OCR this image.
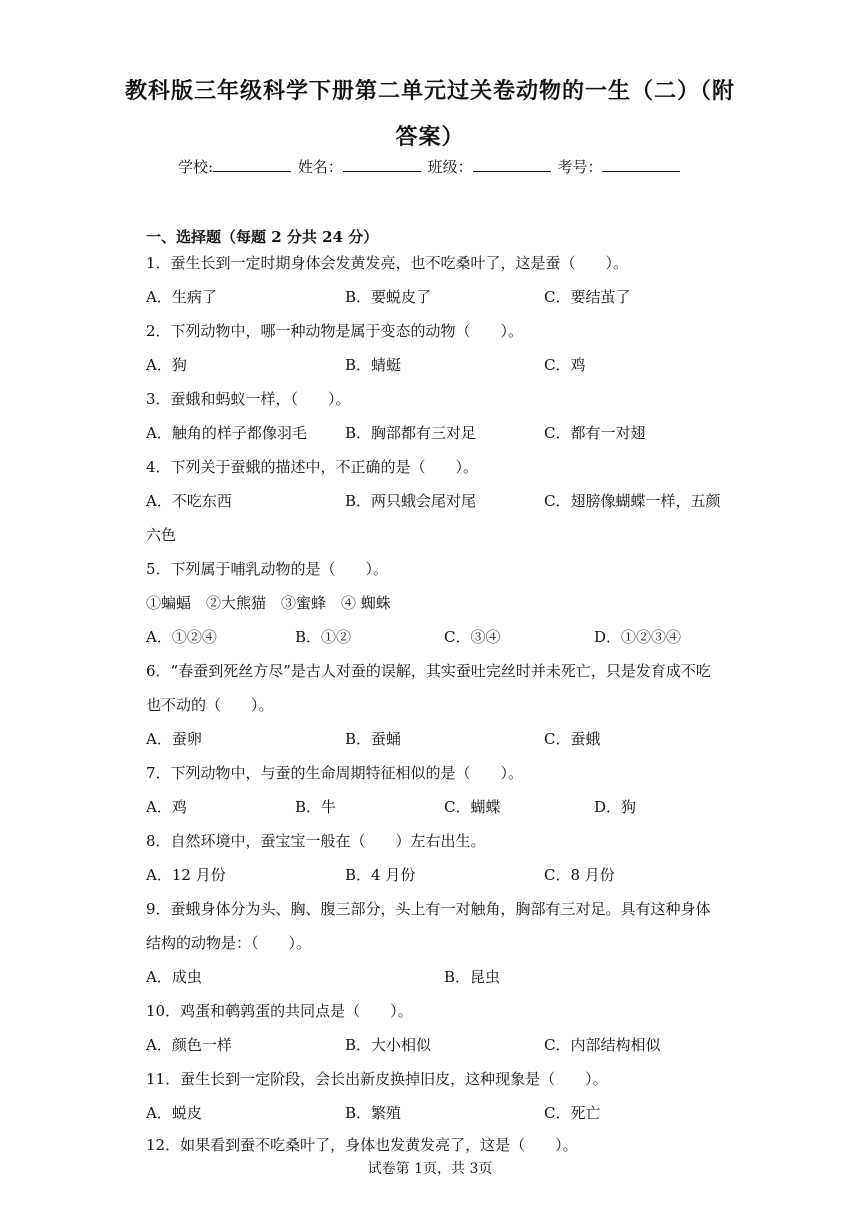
教科版三年级科学下册第二单元过关卷动物的一生（二）（附
答案）
学校:	姓名：	班级：	考号：
一、选择题（每题 2 分共 24 分）
1．蚕生长到一定时期身体会发黄发亮，也不吃桑叶了，这是蚕（　　）。
A．生病了	B．要蜕皮了	C．要结茧了
2．下列动物中，哪一种动物是属于变态的动物（　　）。
A．狗	B．蜻蜓	C．鸡
3．蚕蛾和蚂蚁一样，（　　）。
A．触角的样子都像羽毛	B．胸部都有三对足	C．都有一对翅
4．下列关于蚕蛾的描述中，不正确的是（　　）。
A．不吃东西	B．两只蛾会尾对尾	C．翅膀像蝴蝶一样，五颜
六色
5．下列属于哺乳动物的是（　　）。
①蝙蝠　②大熊猫　③蜜蜂　④ 蜘蛛
A．①②④	B．①②	C．③④	D．①②③④
6．“春蚕到死丝方尽”是古人对蚕的误解，其实蚕吐完丝时并未死亡，只是发育成不吃
也不动的（　　）。
A．蚕卵	B．蚕蛹	C．蚕蛾
7．下列动物中，与蚕的生命周期特征相似的是（　　）。
A．鸡	B．牛	C．蝴蝶	D．狗
8．自然环境中，蚕宝宝一般在（　　）左右出生。
A．12 月份	B．4 月份	C．8 月份
9．蚕蛾身体分为头、胸、腹三部分，头上有一对触角，胸部有三对足。具有这种身体
结构的动物是：（　　）。
A．成虫	B．昆虫
10．鸡蛋和鹌鹑蛋的共同点是（　　）。
A．颜色一样	B．大小相似	C．内部结构相似
11．蚕生长到一定阶段，会长出新皮换掉旧皮，这种现象是（　　）。
A．蜕皮	B．繁殖	C．死亡
12．如果看到蚕不吃桑叶了，身体也发黄发亮了，这是（　　）。
试卷第 1页，共 3页
